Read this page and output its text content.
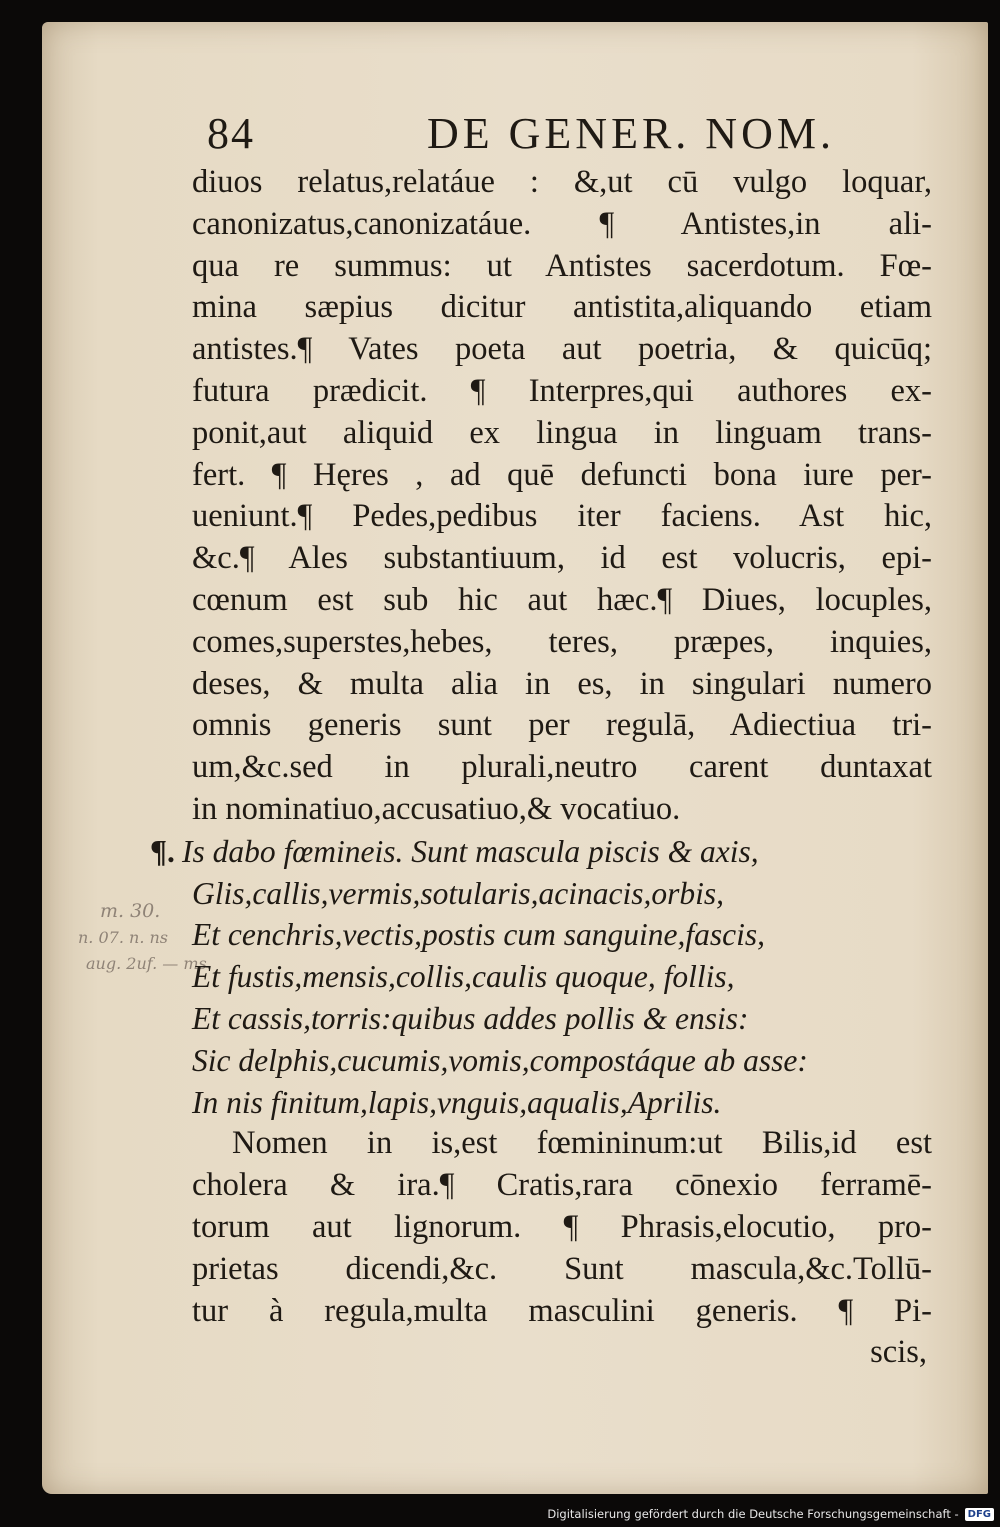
m. 30.
n. 07. n. ns
aug. 2uf. — ms.
84	DE GENER. NOM.
diuos relatus,relatáue : &,ut cū vulgo loquar,
canonizatus,canonizatáue. ¶ Antistes,in ali-
qua re summus: ut Antistes sacerdotum. Fœ-
mina sæpius dicitur antistita,aliquando etiam
antistes.¶ Vates poeta aut poetria, & quicūq;
futura prædicit. ¶ Interpres,qui authores ex-
ponit,aut aliquid ex lingua in linguam trans-
fert. ¶ Hęres , ad quē defuncti bona iure per-
ueniunt.¶ Pedes,pedibus iter faciens. Ast hic,
&c.¶ Ales substantiuum, id est volucris, epi-
cœnum est sub hic aut hæc.¶ Diues, locuples,
comes,superstes,hebes, teres, præpes, inquies,
deses, & multa alia in es, in singulari numero
omnis generis sunt per regulā, Adiectiua tri-
um,&c.sed in plurali,neutro carent duntaxat
in nominatiuo,accusatiuo,& vocatiuo.
¶. Is dabo fœmineis. Sunt mascula piscis & axis,
Glis,callis,vermis,sotularis,acinacis,orbis,
Et cenchris,vectis,postis cum sanguine,fascis,
Et fustis,mensis,collis,caulis quoque, follis,
Et cassis,torris:quibus addes pollis & ensis:
Sic delphis,cucumis,vomis,compostáque ab asse:
In nis finitum,lapis,vnguis,aqualis,Aprilis.
Nomen in is,est fœmininum:ut Bilis,id est
cholera & ira.¶ Cratis,rara cōnexio ferramē-
torum aut lignorum. ¶ Phrasis,elocutio, pro-
prietas dicendi,&c. Sunt mascula,&c.Tollū-
tur à regula,multa masculini generis. ¶ Pi-
scis,
Digitalisierung gefördert durch die Deutsche Forschungsgemeinschaft - DFG
